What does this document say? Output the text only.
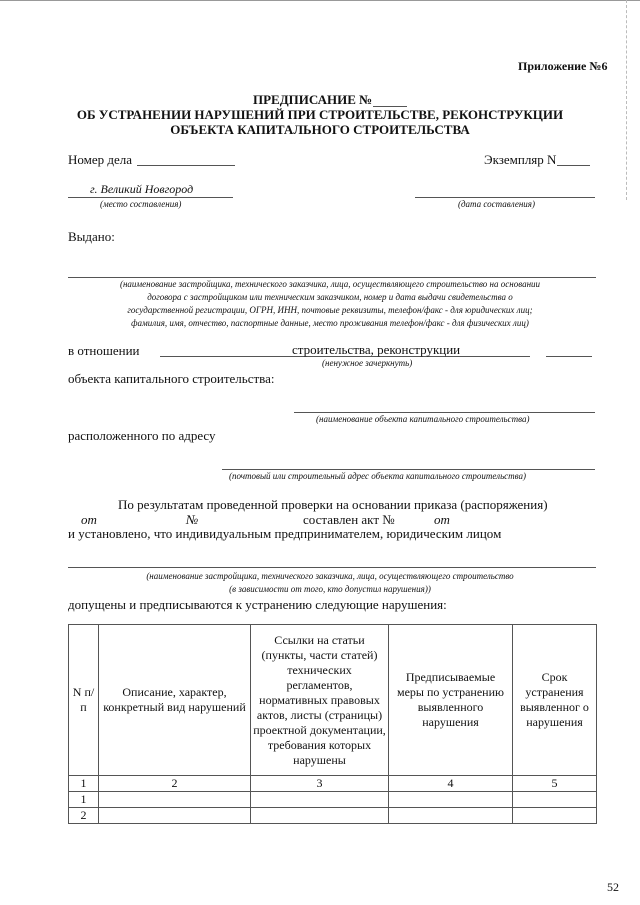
Приложение №6
ПРЕДПИСАНИЕ №
ОБ УСТРАНЕНИИ НАРУШЕНИЙ ПРИ СТРОИТЕЛЬСТВЕ, РЕКОНСТРУКЦИИ
ОБЪЕКТА КАПИТАЛЬНОГО СТРОИТЕЛЬСТВА
Номер дела	Экземпляр N
г. Великий Новгород
(место составления)	(дата составления)
Выдано:
(наименование застройщика, технического заказчика, лица, осуществляющего строительство на основании
договора с застройщиком или техническим заказчиком, номер и дата выдачи свидетельства о
государственной регистрации, ОГРН, ИНН, почтовые реквизиты, телефон/факс - для юридических лиц;
фамилия, имя, отчество, паспортные данные, место проживания телефон/факс - для физических лиц)
в отношении	строительства, реконструкции
(ненужное зачеркнуть)
объекта капитального строительства:
(наименование объекта капитального строительства)
расположенного по адресу
(почтовый или строительный адрес объекта капитального строительства)
По результатам проведенной проверки на основании приказа (распоряжения)
от	№	составлен акт №	от
и установлено, что индивидуальным предпринимателем, юридическим лицом
(наименование застройщика, технического заказчика, лица, осуществляющего строительство
(в зависимости от того, кто допустил нарушения))
допущены и предписываются к устранению следующие нарушения:
N п/ п	Описание, характер, конкретный вид нарушений	Ссылки на статьи (пункты, части статей) технических регламентов, нормативных правовых актов, листы (страницы) проектной документации, требования которых нарушены	Предписываемые меры по устранению выявленного нарушения	Срок устранения выявленног о нарушения
1	2	3	4	5
1				
2				
52
